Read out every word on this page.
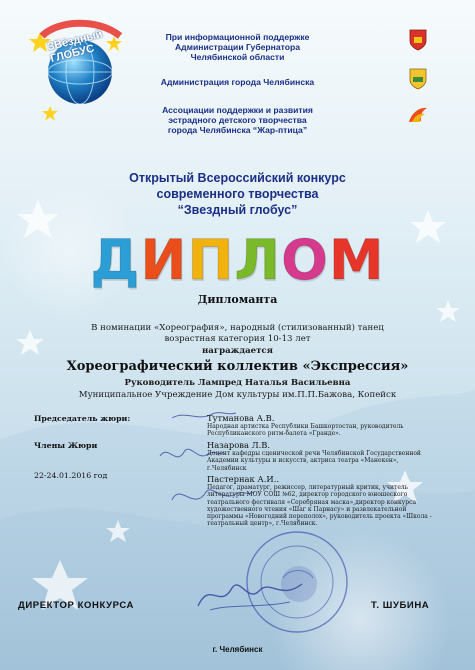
ЗВёздный ГЛОБУС
При информационной поддержке
Администрации Губернатора
Челябинской области
Администрация города Челябинска
Ассоциации поддержки и развития
эстрадного детского творчества
города Челябинска “Жар-птица”
Открытый Всероссийский конкурс
современного творчества
“Звездный глобус”
ДИПЛОМ
Дипломанта
В номинации «Хореография», народный (стилизованный) танец
возрастная категория 10-13 лет
награждается
Хореографический коллектив «Экспрессия»
Руководитель Лампред Наталья Васильевна
Муниципальное Учреждение Дом культуры им.П.П.Бажова, Копейск
Председатель жюри:
Члены Жюри
22-24.01.2016 год
Тутманова А.В.
Народная артистка Республики Башкортостан, руководитель Республиканского ритм-балета «Гранде».
Назарова Л.В.
Доцент кафедры сценической речи Челябинской Государственной Академии культуры и искусств, актриса театра «Манекен», г.Челябинск
Пастернак А.И..
Педагог, драматург, режиссер, литературный критик, учитель литературы МОУ СОШ №62, директор городского юношеского театрального фестиваля «Серебряная маска»,директор конкурса художественного чтения «Шаг к Парнасу» и развлекательной программы «Новогодний переполох», руководитель проекта «Школа - театральный центр», г.Челябинск.
ДИРЕКТОР КОНКУРСА	Т. ШУБИНА
г. Челябинск
